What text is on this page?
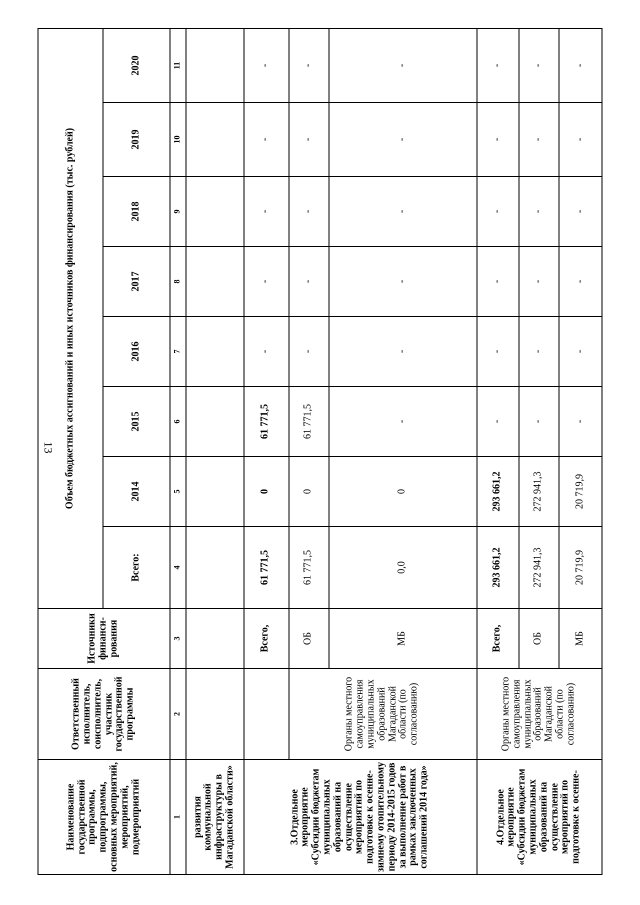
13
Наименование государственной программы, подпрограммы, основных мероприятий, мероприятий, подмероприятий	Ответственный исполнитель, соисполнитель, участник государственной программы	Источники финанси-рования	Объем бюджетных ассигнований и иных источников финансирования (тыс. рублей)							
			Всего:	2014	2015	2016	2017	2018	2019	2020
1	2	3	4	5	6	7	8	9	10	11
развития коммунальной инфраструктуры в Магаданской области»										
3.Отдельное мероприятие «Субсидии бюджетам муниципальных образований на осуществление мероприятий по подготовке к осенне-зимнему отопительному периоду 2014-2015 годов за выполнение работ в рамках заключенных соглашений 2014 года»		Всего,	61 771,5	0	61 771,5	-	-	-	-	-
	Органы местного самоуправления муниципальных образований Магаданской области (по согласованию)	ОБ	61 771,5	0	61 771,5	-	-	-	-	-
		МБ	0,0	0	-	-	-	-	-	-
4.Отдельное мероприятие «Субсидии бюджетам муниципальных образований на осуществление мероприятий по подготовке к осенне-	Органы местного самоуправления муниципальных образований Магаданской области (по согласованию)	Всего,	293 661,2	293 661,2	-	-	-	-	-	-
		ОБ	272 941,3	272 941,3	-	-	-	-	-	-
		МБ	20 719,9	20 719,9	-	-	-	-	-	-
